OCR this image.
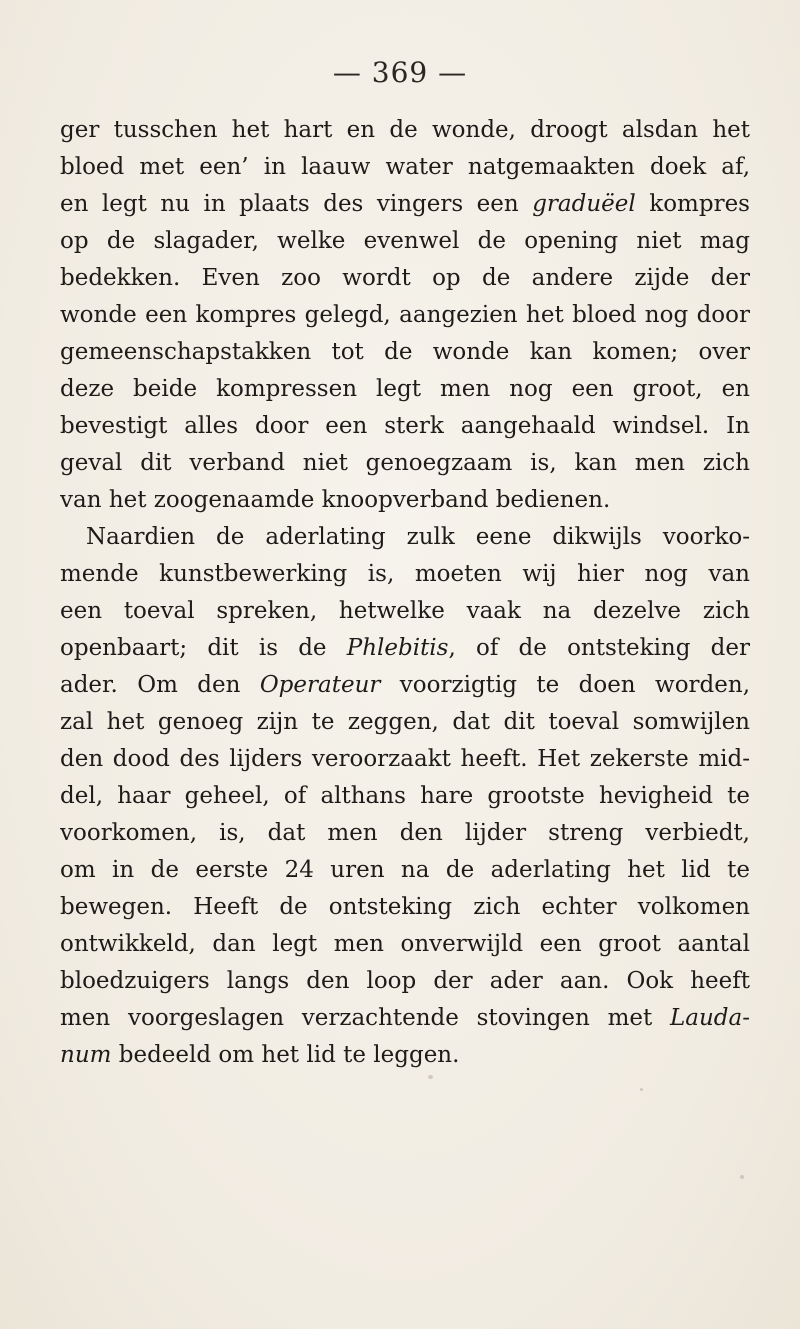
— 369 —
ger tusschen het hart en de wonde, droogt alsdan het
bloed met een’ in laauw water natgemaakten doek af,
en legt nu in plaats des vingers een graduëel kompres
op de slagader, welke evenwel de opening niet mag
bedekken. Even zoo wordt op de andere zijde der
wonde een kompres gelegd, aangezien het bloed nog door
gemeenschapstakken tot de wonde kan komen; over
deze beide kompressen legt men nog een groot, en
bevestigt alles door een sterk aangehaald windsel. In
geval dit verband niet genoegzaam is, kan men zich
van het zoogenaamde knoopverband bedienen.
Naardien de aderlating zulk eene dikwijls voorko-
mende kunstbewerking is, moeten wij hier nog van
een toeval spreken, hetwelke vaak na dezelve zich
openbaart; dit is de Phlebitis, of de ontsteking der
ader. Om den Operateur voorzigtig te doen worden,
zal het genoeg zijn te zeggen, dat dit toeval somwijlen
den dood des lijders veroorzaakt heeft. Het zekerste mid-
del, haar geheel, of althans hare grootste hevigheid te
voorkomen, is, dat men den lijder streng verbiedt,
om in de eerste 24 uren na de aderlating het lid te
bewegen. Heeft de ontsteking zich echter volkomen
ontwikkeld, dan legt men onverwijld een groot aantal
bloedzuigers langs den loop der ader aan. Ook heeft
men voorgeslagen verzachtende stovingen met Lauda-
num bedeeld om het lid te leggen.
